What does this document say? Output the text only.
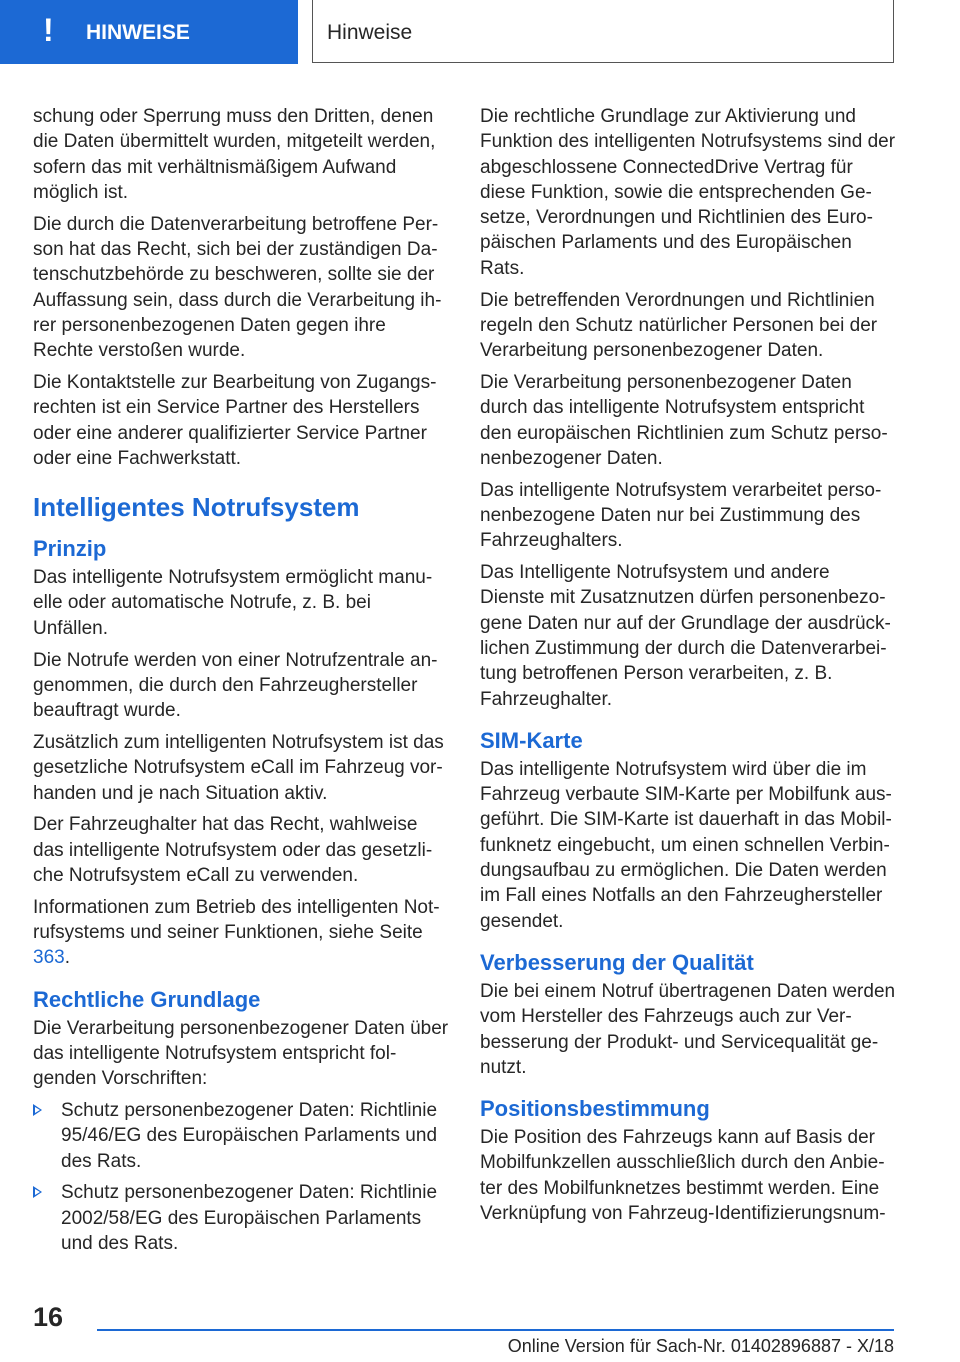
! HINWEISE	Hinweise

schung oder Sperrung muss den Dritten, denen die Daten übermittelt wurden, mitgeteilt werden, sofern das mit verhältnismäßigem Aufwand möglich ist.

Die durch die Datenverarbeitung betroffene Person hat das Recht, sich bei der zuständigen Datenschutzbehörde zu beschweren, sollte sie der Auffassung sein, dass durch die Verarbeitung ihrer personenbezogenen Daten gegen ihre Rechte verstoßen wurde.

Die Kontaktstelle zur Bearbeitung von Zugangsrechten ist ein Service Partner des Herstellers oder eine anderer qualifizierter Service Partner oder eine Fachwerkstatt.

Intelligentes Notrufsystem
Prinzip

Das intelligente Notrufsystem ermöglicht manuelle oder automatische Notrufe, z. B. bei Unfällen.

Die Notrufe werden von einer Notrufzentrale angenommen, die durch den Fahrzeughersteller beauftragt wurde.

Zusätzlich zum intelligenten Notrufsystem ist das gesetzliche Notrufsystem eCall im Fahrzeug vorhanden und je nach Situation aktiv.

Der Fahrzeughalter hat das Recht, wahlweise das intelligente Notrufsystem oder das gesetzliche Notrufsystem eCall zu verwenden.

Informationen zum Betrieb des intelligenten Notrufsystems und seiner Funktionen, siehe Seite 363.

Rechtliche Grundlage

Die Verarbeitung personenbezogener Daten über das intelligente Notrufsystem entspricht folgenden Vorschriften:

Schutz personenbezogener Daten: Richtlinie 95/46/EG des Europäischen Parlaments und des Rats.
Schutz personenbezogener Daten: Richtlinie 2002/58/EG des Europäischen Parlaments und des Rats.

Die rechtliche Grundlage zur Aktivierung und Funktion des intelligenten Notrufsystems sind der abgeschlossene ConnectedDrive Vertrag für diese Funktion, sowie die entsprechenden Gesetze, Verordnungen und Richtlinien des Europäischen Parlaments und des Europäischen Rats.

Die betreffenden Verordnungen und Richtlinien regeln den Schutz natürlicher Personen bei der Verarbeitung personenbezogener Daten.

Die Verarbeitung personenbezogener Daten durch das intelligente Notrufsystem entspricht den europäischen Richtlinien zum Schutz personenbezogener Daten.

Das intelligente Notrufsystem verarbeitet personenbezogene Daten nur bei Zustimmung des Fahrzeughalters.

Das Intelligente Notrufsystem und andere Dienste mit Zusatznutzen dürfen personenbezogene Daten nur auf der Grundlage der ausdrücklichen Zustimmung der durch die Datenverarbeitung betroffenen Person verarbeiten, z. B. Fahrzeughalter.

SIM-Karte

Das intelligente Notrufsystem wird über die im Fahrzeug verbaute SIM-Karte per Mobilfunk ausgeführt. Die SIM-Karte ist dauerhaft in das Mobilfunknetz eingebucht, um einen schnellen Verbindungsaufbau zu ermöglichen. Die Daten werden im Fall eines Notfalls an den Fahrzeughersteller gesendet.

Verbesserung der Qualität

Die bei einem Notruf übertragenen Daten werden vom Hersteller des Fahrzeugs auch zur Verbesserung der Produkt- und Servicequalität genutzt.

Positionsbestimmung

Die Position des Fahrzeugs kann auf Basis der Mobilfunkzellen ausschließlich durch den Anbieter des Mobilfunknetzes bestimmt werden. Eine Verknüpfung von Fahrzeug-Identifizierungsnum-

16
Online Version für Sach-Nr. 01402896887 - X/18
